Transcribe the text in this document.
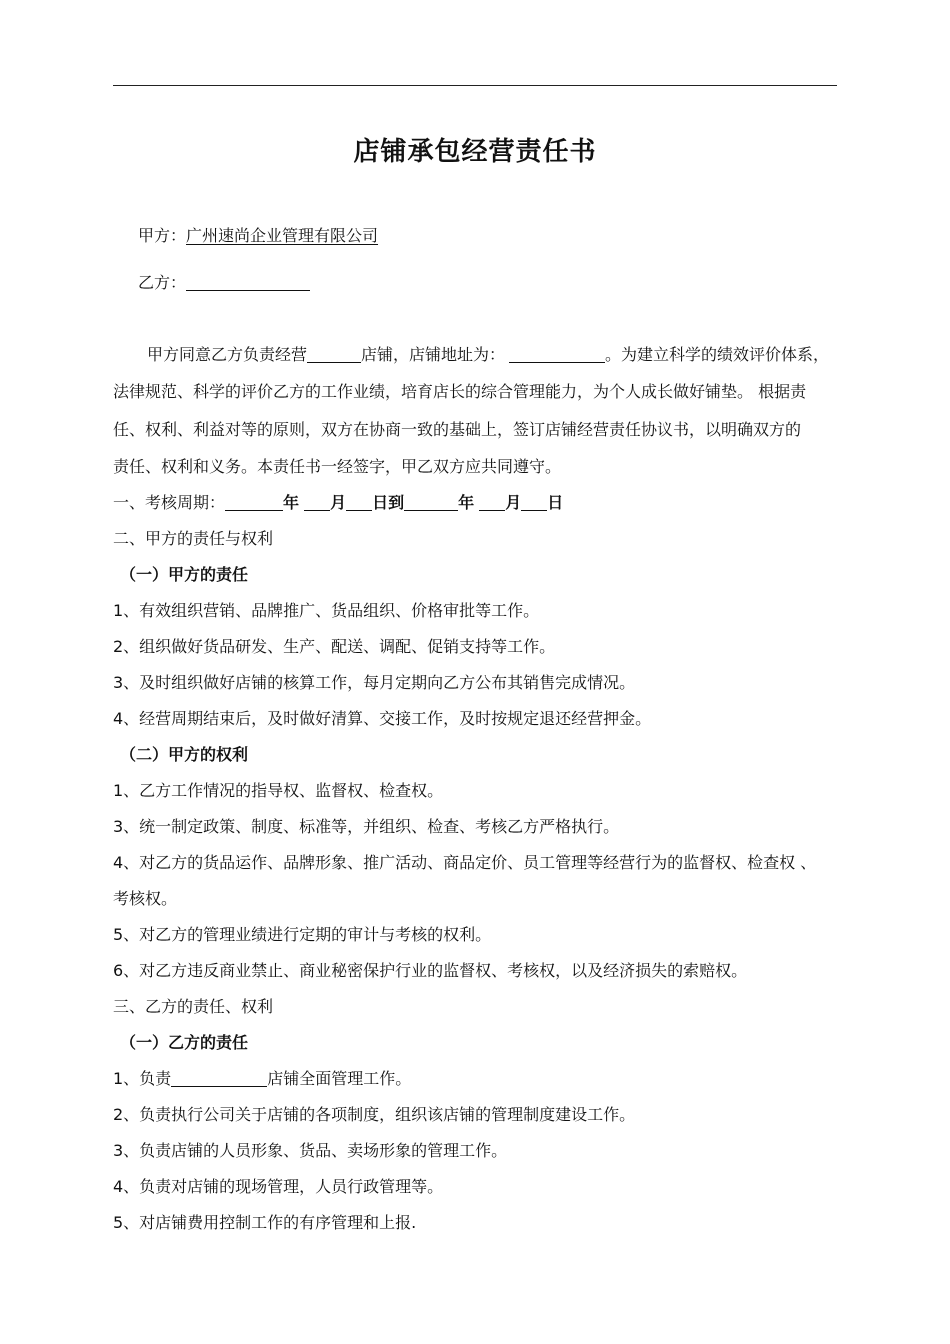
店铺承包经营责任书
甲方：广州速尚企业管理有限公司
乙方：
甲方同意乙方负责经营	店铺，店铺地址为：	。为建立科学的绩效评价体系，
法律规范、科学的评价乙方的工作业绩，培育店长的综合管理能力，为个人成长做好铺垫。 根据责
任、权利、利益对等的原则，双方在协商一致的基础上，签订店铺经营责任协议书，以明确双方的
责任、权利和义务。本责任书一经签字，甲乙双方应共同遵守。
一、考核周期：	年 月 日到	年 月 日
二、甲方的责任与权利
（一）甲方的责任
1、有效组织营销、品牌推广、货品组织、价格审批等工作。
2、组织做好货品研发、生产、配送、调配、促销支持等工作。
3、及时组织做好店铺的核算工作，每月定期向乙方公布其销售完成情况。
4、经营周期结束后，及时做好清算、交接工作，及时按规定退还经营押金。
（二）甲方的权利
1、乙方工作情况的指导权、监督权、检查权。
3、统一制定政策、制度、标准等，并组织、检查、考核乙方严格执行。
4、对乙方的货品运作、品牌形象、推广活动、商品定价、员工管理等经营行为的监督权、检查权 、
考核权。
5、对乙方的管理业绩进行定期的审计与考核的权利。
6、对乙方违反商业禁止、商业秘密保护行业的监督权、考核权，以及经济损失的索赔权。
三、乙方的责任、权利
（一）乙方的责任
1、负责	店铺全面管理工作。
2、负责执行公司关于店铺的各项制度，组织该店铺的管理制度建设工作。
3、负责店铺的人员形象、货品、卖场形象的管理工作。
4、负责对店铺的现场管理，人员行政管理等。
5、对店铺费用控制工作的有序管理和上报.
